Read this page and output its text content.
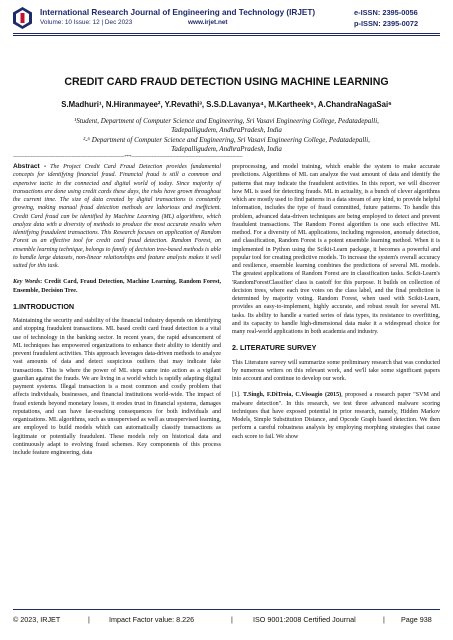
International Research Journal of Engineering and Technology (IRJET)
Volume: 10 Issue: 12 | Dec 2023	www.irjet.net
e-ISSN: 2395-0056
p-ISSN: 2395-0072
CREDIT CARD FRAUD DETECTION USING MACHINE LEARNING
S.Madhuri¹, N.Hiranmayee², Y.Revathi³, S.S.D.Lavanya⁴, M.Kartheek⁵, A.ChandraNagaSai⁶
¹Student, Department of Computer Science and Engineering, Sri Vasavi Engineering College, Pedatadepalli,
Tadepalligudem, AndhraPradesh, India
²-⁶ Department of Computer Science and Engineering, Sri Vasavi Engineering College, Pedatadepalli,
Tadepalligudem, AndhraPradesh, India
----------------------------------------------------------------------------***----------------------------------------------------------------------------

Abstract - The Project Credit Card Fraud Detection provides fundamental concepts for identifying financial fraud. Financial fraud is still a common and expensive tactic in the connected and digital world of today. Since majority of transactions are done using credit cards these days, the risks have grown throughout the current time. The size of data created by digital transactions is constantly growing, making manual fraud detection methods are laborious and inefficient. Credit Card fraud can be identified by Machine Learning (ML) algorithms, which analyze data with a diversity of methods to produce the most accurate results when identifying fraudulent transactions. This Research focuses on application of Random Forest as an effective tool for credit card fraud detection. Random Forest, an ensemble learning technique, belongs to family of decision tree-based methods is able to handle large datasets, non-linear relationships and feature analysis makes it well suited for this task.

Key Words: Credit Card, Fraud Detection, Machine Learning, Random Forest, Ensemble, Decision Tree.

1.INTRODUCTION

Maintaining the security and stability of the financial industry depends on identifying and stopping fraudulent transactions. ML based credit card fraud detection is a vital use of technology in the banking sector. In recent years, the rapid advancement of ML techniques has empowered organizations to enhance their ability to identify and prevent fraudulent activities. This approach leverages data-driven methods to analyze vast amounts of data and detect suspicious outliers that may indicate fake transactions. This is where the power of ML steps came into action as a vigilant guardian against the frauds. We are living in a world which is rapidly adapting digital payment systems. Illegal transaction is a most common and costly problem that affects individuals, businesses, and financial institutions world-wide. The impact of fraud extends beyond monetary losses, it erodes trust in financial systems, damages reputations, and can have far-reaching consequences for both individuals and organizations. ML algorithms, such as unsupervised as well as unsupervised learning, are employed to build models which can automatically classify transactions as legitimate or potentially fraudulent. These models rely on historical data and continuously adapt to evolving fraud schemes. Key components of this process include feature engineering, data

preprocessing, and model training, which enable the system to make accurate predictions. Algorithms of ML can analyze the vast amount of data and identify the patterns that may indicate the fraudulent activities. In this report, we will discover how ML is used for detecting frauds. ML in actuality, is a bunch of clever algorithms which are mostly used to find patterns in a data stream of any kind, to provide helpful information, includes the type of fraud committed, future patterns. To handle this problem, advanced data-driven techniques are being employed to detect and prevent fraudulent transactions. The Random Forest algorithm is one such effective ML method. For a diversity of ML applications, including regression, anomaly detection, and classification, Random Forest is a potent ensemble learning method. When it is implemented in Python using the Scikit-Learn package, it becomes a powerful and popular tool for creating predictive models. To increase the system's overall accuracy and resilience, ensemble learning combines the predictions of several ML models. The greatest applications of Random Forest are in classification tasks. Scikit-Learn's 'RandomForestClassifier' class is castoff for this purpose. It builds on collection of decision trees, where each tree votes on the class label, and the final prediction is determined by majority voting. Random Forest, when used with Scikit-Learn, provides an easy-to-implement, highly accurate, and robust result for several ML tasks. Its ability to handle a varied series of data types, its resistance to overfitting, and its capacity to handle high-dimensional data make it a widespread choice for many real-world applications in both academia and industry.

2. LITERATURE SURVEY

This Literature survey will summarize some preliminary research that was conducted by numerous writers on this relevant work, and we'll take some significant papers into account and continue to develop our work.

[1]. T.Singh, F.DiTroia, C.Vissagio (2015), proposed a research paper "SVM and malware detection". In this research, we test three advanced malware scoring techniques that have exposed potential in prior research, namely, Hidden Markov Models, Simple Substitution Distance, and Opcode Graph based detection. We then perform a careful robustness analysis by employing morphing strategies that cause each score to fail. We show

© 2023, IRJET	|	Impact Factor value: 8.226	|	ISO 9001:2008 Certified Journal	| Page 938
